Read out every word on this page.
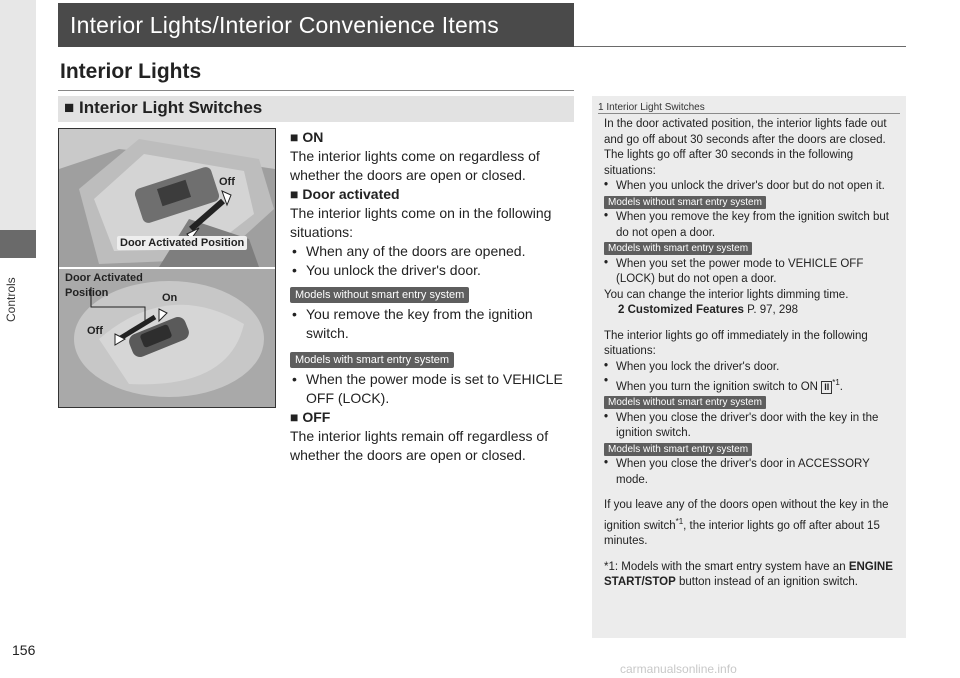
Controls
Interior Lights/Interior Convenience Items
Interior Lights
■ Interior Light Switches
Off
Door Activated Position
Door Activated
Position	On
Off

■ ON

The interior lights come on regardless of whether the doors are open or closed.

■ Door activated

The interior lights come on in the following situations:

• When any of the doors are opened.

• You unlock the driver's door.

Models without smart entry system

• You remove the key from the ignition switch.

Models with smart entry system

• When the power mode is set to VEHICLE OFF (LOCK).

■ OFF

The interior lights remain off regardless of whether the doors are open or closed.

1 Interior Light Switches

In the door activated position, the interior lights fade out and go off about 30 seconds after the doors are closed. The lights go off after 30 seconds in the following situations:

• When you unlock the driver's door but do not open it.

Models without smart entry system

• When you remove the key from the ignition switch but do not open a door.

Models with smart entry system

• When you set the power mode to VEHICLE OFF (LOCK) but do not open a door.

You can change the interior lights dimming time.

2 Customized Features P. 97, 298

The interior lights go off immediately in the following situations:

• When you lock the driver's door.

• When you turn the ignition switch to ON II $^{*1}$.

Models without smart entry system

• When you close the driver's door with the key in the ignition switch.

Models with smart entry system

• When you close the driver's door in ACCESSORY mode.

If you leave any of the doors open without the key in the ignition switch$^{*1}$, the interior lights go off after about 15 minutes.

*1: Models with the smart entry system have an ENGINE START/STOP button instead of an ignition switch.

156
carmanualsonline.info
